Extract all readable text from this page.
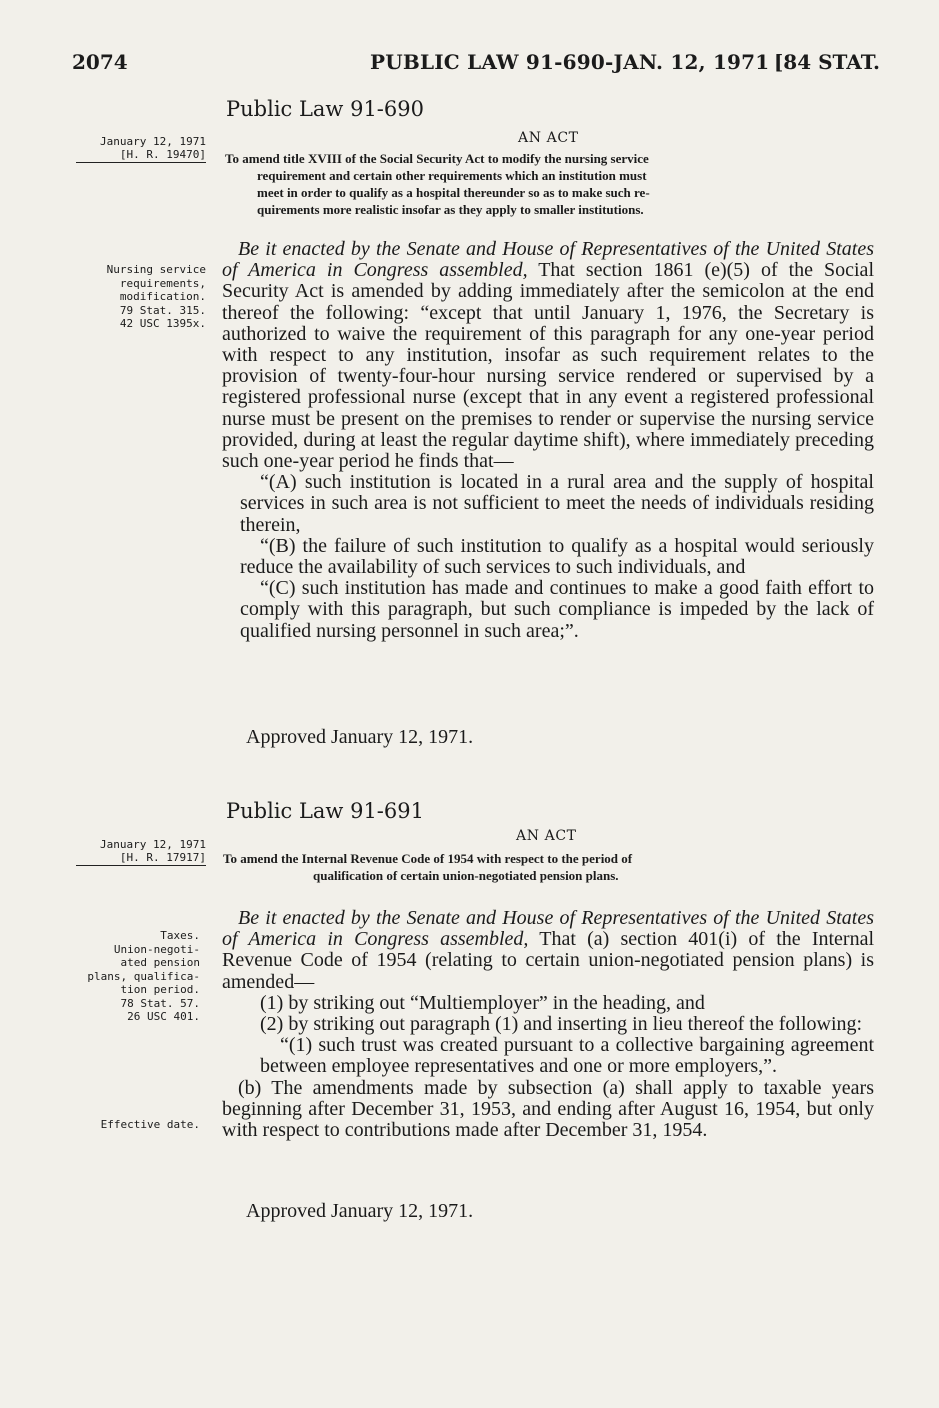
2074	PUBLIC LAW 91-690-JAN. 12, 1971 [84 STAT.
Public Law 91-690
January 12, 1971
[H. R. 19470]
AN ACT
To amend title XVIII of the Social Security Act to modify the nursing service
requirement and certain other requirements which an institution must
meet in order to qualify as a hospital thereunder so as to make such re-
quirements more realistic insofar as they apply to smaller institutions.
Nursing service
requirements,
modification.
79 Stat. 315.
42 USC 1395x.

Be it enacted by the Senate and House of Representatives of the United States of America in Congress assembled, That section 1861 (e)(5) of the Social Security Act is amended by adding immediately after the semicolon at the end thereof the following: “except that until January 1, 1976, the Secretary is authorized to waive the requirement of this paragraph for any one-year period with respect to any institution, insofar as such requirement relates to the provision of twenty-four-hour nursing service rendered or supervised by a registered professional nurse (except that in any event a registered professional nurse must be present on the premises to render or supervise the nursing service provided, during at least the regular daytime shift), where immediately preceding such one-year period he finds that—

“(A) such institution is located in a rural area and the supply of hospital services in such area is not sufficient to meet the needs of individuals residing therein,

“(B) the failure of such institution to qualify as a hospital would seriously reduce the availability of such services to such individuals, and

“(C) such institution has made and continues to make a good faith effort to comply with this paragraph, but such compliance is impeded by the lack of qualified nursing personnel in such area;”.

Approved January 12, 1971.
Public Law 91-691
January 12, 1971
[H. R. 17917]
AN ACT
To amend the Internal Revenue Code of 1954 with respect to the period of
qualification of certain union-negotiated pension plans.
Taxes.
Union-negoti-
ated pension
plans, qualifica-
tion period.
78 Stat. 57.
26 USC 401.
Effective date.

Be it enacted by the Senate and House of Representatives of the United States of America in Congress assembled, That (a) section 401(i) of the Internal Revenue Code of 1954 (relating to certain union-negotiated pension plans) is amended—

(1) by striking out “Multiemployer” in the heading, and

(2) by striking out paragraph (1) and inserting in lieu thereof the following:

“(1) such trust was created pursuant to a collective bargaining agreement between employee representatives and one or more employers,”.

(b) The amendments made by subsection (a) shall apply to taxable years beginning after December 31, 1953, and ending after August 16, 1954, but only with respect to contributions made after December 31, 1954.

Approved January 12, 1971.
